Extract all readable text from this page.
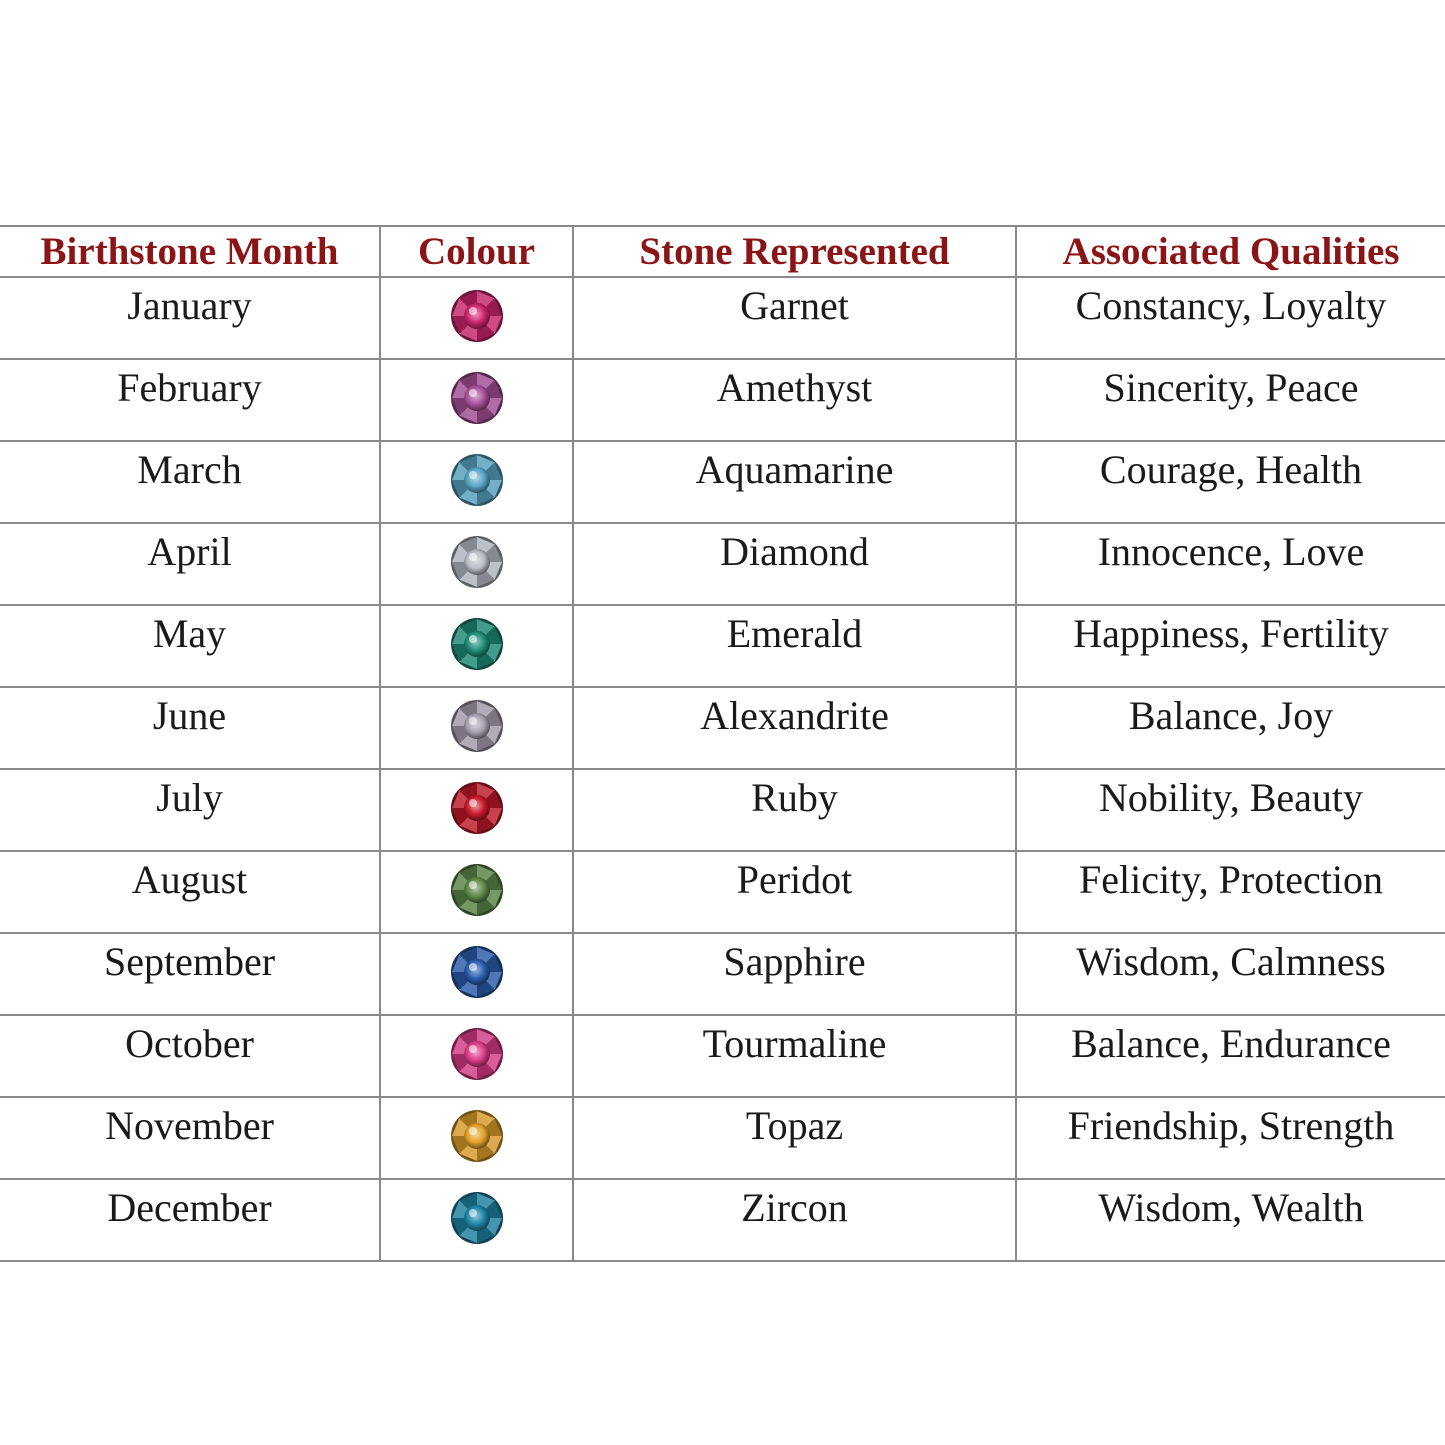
Birthstone Month	Colour	Stone Represented	Associated Qualities
January		Garnet	Constancy, Loyalty
February		Amethyst	Sincerity, Peace
March		Aquamarine	Courage, Health
April		Diamond	Innocence, Love
May		Emerald	Happiness, Fertility
June		Alexandrite	Balance, Joy
July		Ruby	Nobility, Beauty
August		Peridot	Felicity, Protection
September		Sapphire	Wisdom, Calmness
October		Tourmaline	Balance, Endurance
November		Topaz	Friendship, Strength
December		Zircon	Wisdom, Wealth
